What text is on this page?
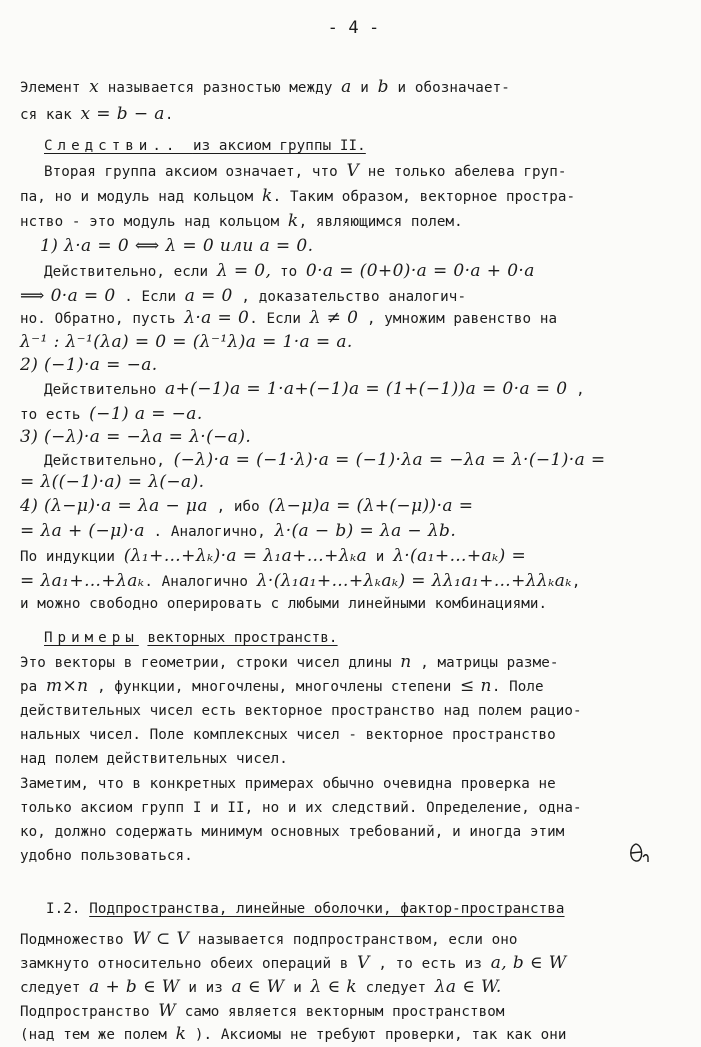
- 4 -
Элемент x называется разностью между a и b и обозначает-
ся как x = b − a.
Следстви.. из аксиом группы II.
Вторая группа аксиом означает, что V не только абелева груп-
па, но и модуль над кольцом k. Таким образом, векторное простра-
нство - это модуль над кольцом k, являющимся полем.
1) λ·a = 0 ⟺ λ = 0 или a = 0.
Действительно, если λ = 0, то 0·a = (0+0)·a = 0·a + 0·a
⟹ 0·a = 0 . Если a = 0 , доказательство аналогич-
но. Обратно, пусть λ·a = 0. Если λ ≠ 0 , умножим равенство на
λ⁻¹ : λ⁻¹(λa) = 0 = (λ⁻¹λ)a = 1·a = a.
2) (−1)·a = −a.
Действительно a+(−1)a = 1·a+(−1)a = (1+(−1))a = 0·a = 0 ,
то есть (−1) a = −a.
3) (−λ)·a = −λa = λ·(−a).
Действительно, (−λ)·a = (−1·λ)·a = (−1)·λa = −λa = λ·(−1)·a =
= λ((−1)·a) = λ(−a).
4) (λ−μ)·a = λa − μa , ибо (λ−μ)a = (λ+(−μ))·a =
= λa + (−μ)·a . Аналогично, λ·(a − b) = λa − λb.
По индукции (λ₁+…+λₖ)·a = λ₁a+…+λₖa и λ·(a₁+…+aₖ) =
= λa₁+…+λaₖ. Аналогично λ·(λ₁a₁+…+λₖaₖ) = λλ₁a₁+…+λλₖaₖ,
и можно свободно оперировать с любыми линейными комбинациями.
Примеры векторных пространств.
Это векторы в геометрии, строки чисел длины n , матрицы разме-
ра m×n , функции, многочлены, многочлены степени ≤ n. Поле
действительных чисел есть векторное пространство над полем рацио-
нальных чисел. Поле комплексных чисел - векторное пространство
над полем действительных чисел.
Заметим, что в конкретных примерах обычно очевидна проверка не
только аксиом групп I и II, но и их следствий. Определение, одна-
ко, должно содержать минимум основных требований, и иногда этим
удобно пользоваться.
I.2. Подпространства, линейные оболочки, фактор-пространства
Подмножество W ⊂ V называется подпространством, если оно
замкнуто относительно обеих операций в V , то есть из a, b ∈ W
следует a + b ∈ W и из a ∈ W и λ ∈ k следует λa ∈ W.
Подпространство W само является векторным пространством
(над тем же полем k ). Аксиомы не требуют проверки, так как они
